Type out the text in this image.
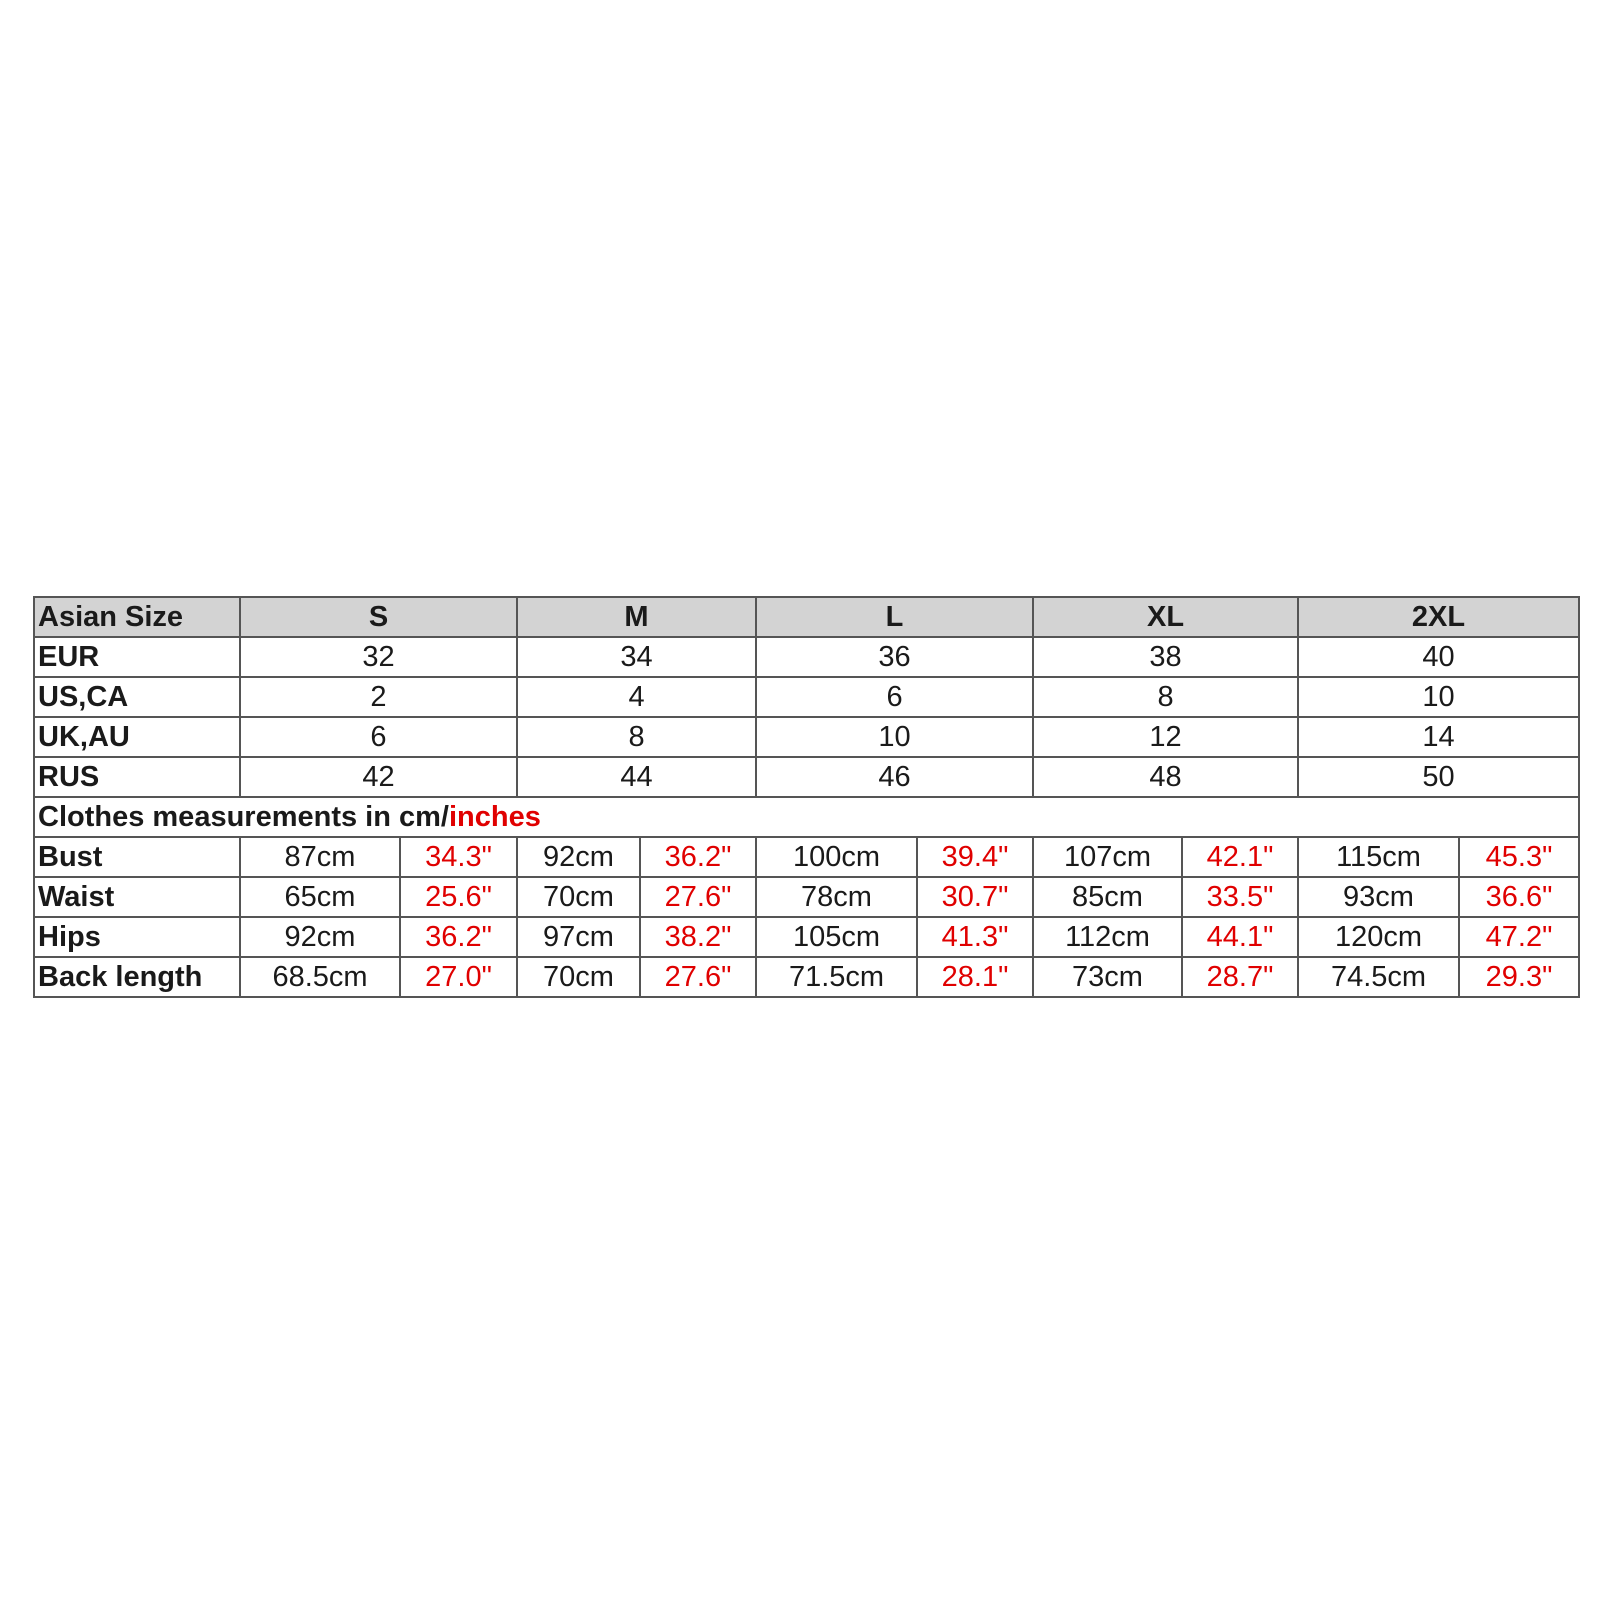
Asian Size	S		M		L		XL		2XL	
EUR	32		34		36		38		40	
US,CA	2		4		6		8		10	
UK,AU	6		8		10		12		14	
RUS	42		44		46		48		50	
Clothes measurements in cm/inches										
Bust	87cm	34.3"	92cm	36.2"	100cm	39.4"	107cm	42.1"	115cm	45.3"
Waist	65cm	25.6"	70cm	27.6"	78cm	30.7"	85cm	33.5"	93cm	36.6"
Hips	92cm	36.2"	97cm	38.2"	105cm	41.3"	112cm	44.1"	120cm	47.2"
Back length	68.5cm	27.0"	70cm	27.6"	71.5cm	28.1"	73cm	28.7"	74.5cm	29.3"
